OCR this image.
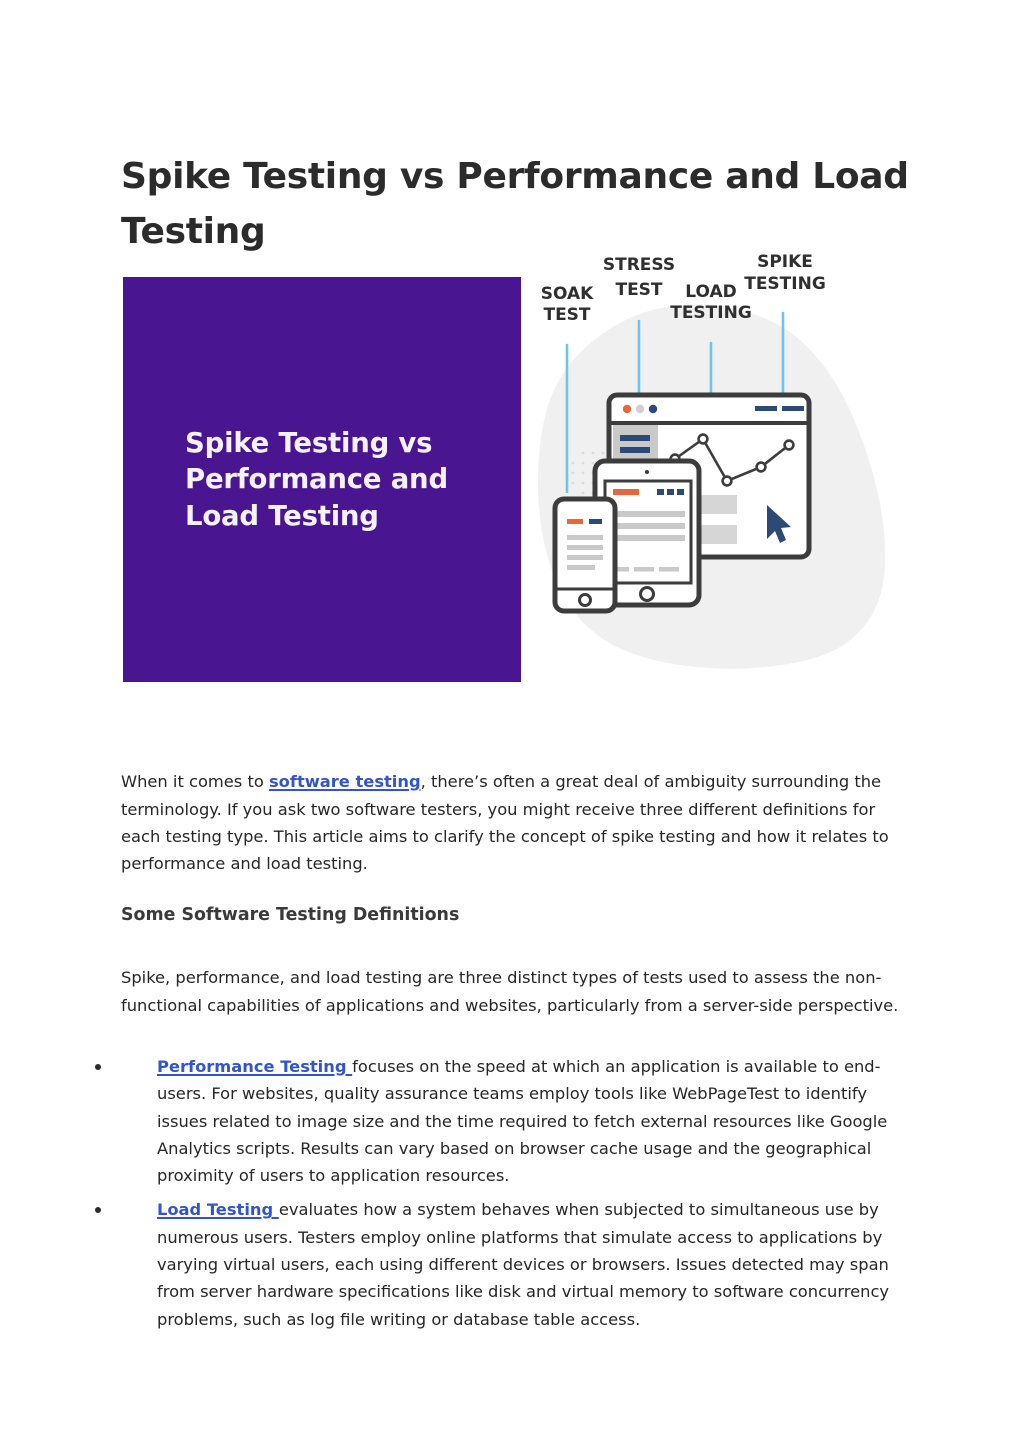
Spike Testing vs Performance and Load Testing
Spike Testing vs
Performance and
Load Testing
SOAK
TEST
STRESS
TEST LOAD
TESTING
SPIKE
TESTING

When it comes to software testing, there’s often a great deal of ambiguity surrounding the terminology. If you ask two software testers, you might receive three different definitions for each testing type. This article aims to clarify the concept of spike testing and how it relates to performance and load testing.

Some Software Testing Definitions

Spike, performance, and load testing are three distinct types of tests used to assess the non-functional capabilities of applications and websites, particularly from a server-side perspective.

Performance Testing focuses on the speed at which an application is available to end-users. For websites, quality assurance teams employ tools like WebPageTest to identify issues related to image size and the time required to fetch external resources like Google Analytics scripts. Results can vary based on browser cache usage and the geographical proximity of users to application resources.
Load Testing evaluates how a system behaves when subjected to simultaneous use by numerous users. Testers employ online platforms that simulate access to applications by varying virtual users, each using different devices or browsers. Issues detected may span from server hardware specifications like disk and virtual memory to software concurrency problems, such as log file writing or database table access.
